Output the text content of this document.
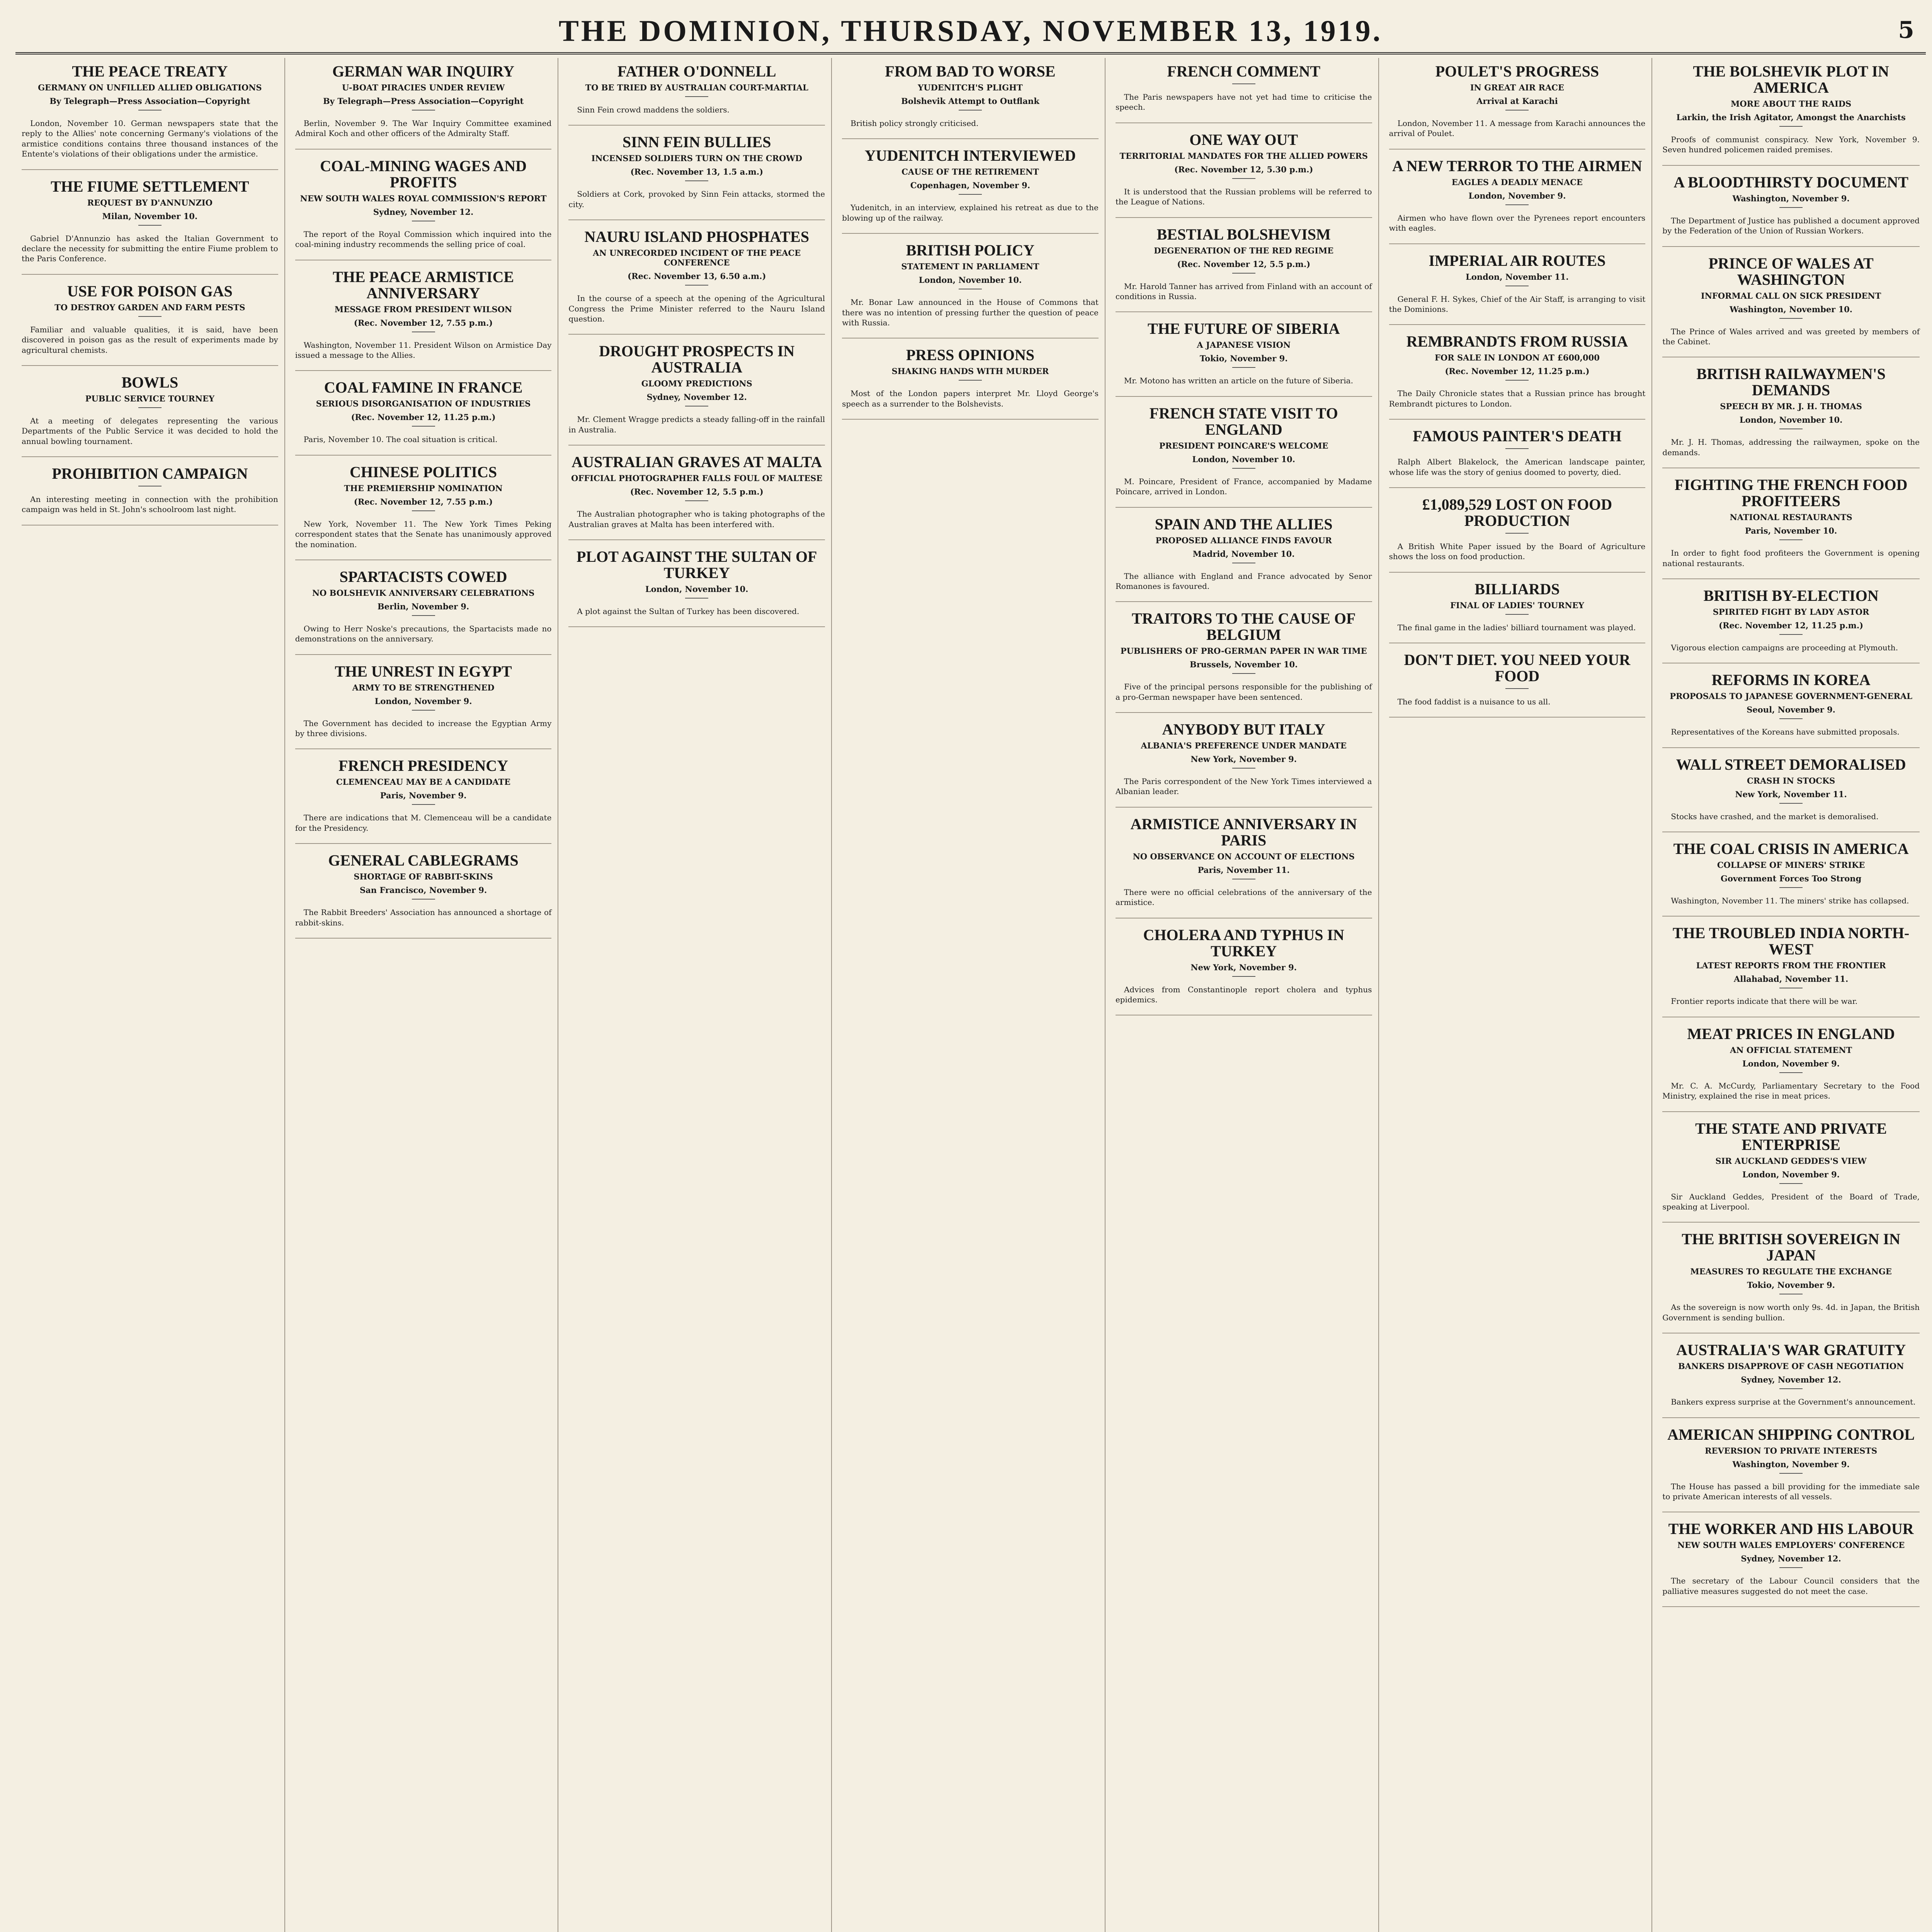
THE DOMINION, THURSDAY, NOVEMBER 13, 1919.	5
THE PEACE TREATY
GERMANY ON UNFILLED ALLIED OBLIGATIONS
By Telegraph—Press Association—Copyright

London, November 10. German newspapers state that the reply to the Allies' note concerning Germany's violations of the armistice conditions contains three thousand instances of the Entente's violations of their obligations under the armistice.

THE FIUME SETTLEMENT
REQUEST BY D'ANNUNZIO
Milan, November 10.

Gabriel D'Annunzio has asked the Italian Government to declare the necessity for submitting the entire Fiume problem to the Paris Conference.

USE FOR POISON GAS
TO DESTROY GARDEN AND FARM PESTS

Familiar and valuable qualities, it is said, have been discovered in poison gas as the result of experiments made by agricultural chemists.

BOWLS
PUBLIC SERVICE TOURNEY

At a meeting of delegates representing the various Departments of the Public Service it was decided to hold the annual bowling tournament.

PROHIBITION CAMPAIGN

An interesting meeting in connection with the prohibition campaign was held in St. John's schoolroom last night.

GERMAN WAR INQUIRY
U-BOAT PIRACIES UNDER REVIEW
By Telegraph—Press Association—Copyright

Berlin, November 9. The War Inquiry Committee examined Admiral Koch and other officers of the Admiralty Staff.

COAL-MINING WAGES AND PROFITS
NEW SOUTH WALES ROYAL COMMISSION'S REPORT
Sydney, November 12.

The report of the Royal Commission which inquired into the coal-mining industry recommends the selling price of coal.

THE PEACE ARMISTICE ANNIVERSARY
MESSAGE FROM PRESIDENT WILSON
(Rec. November 12, 7.55 p.m.)

Washington, November 11. President Wilson on Armistice Day issued a message to the Allies.

COAL FAMINE IN FRANCE
SERIOUS DISORGANISATION OF INDUSTRIES
(Rec. November 12, 11.25 p.m.)

Paris, November 10. The coal situation is critical.

CHINESE POLITICS
THE PREMIERSHIP NOMINATION
(Rec. November 12, 7.55 p.m.)

New York, November 11. The New York Times Peking correspondent states that the Senate has unanimously approved the nomination.

SPARTACISTS COWED
NO BOLSHEVIK ANNIVERSARY CELEBRATIONS
Berlin, November 9.

Owing to Herr Noske's precautions, the Spartacists made no demonstrations on the anniversary.

THE UNREST IN EGYPT
ARMY TO BE STRENGTHENED
London, November 9.

The Government has decided to increase the Egyptian Army by three divisions.

FRENCH PRESIDENCY
CLEMENCEAU MAY BE A CANDIDATE
Paris, November 9.

There are indications that M. Clemenceau will be a candidate for the Presidency.

GENERAL CABLEGRAMS
SHORTAGE OF RABBIT-SKINS
San Francisco, November 9.

The Rabbit Breeders' Association has announced a shortage of rabbit-skins.

FATHER O'DONNELL
TO BE TRIED BY AUSTRALIAN COURT-MARTIAL

Sinn Fein crowd maddens the soldiers.

SINN FEIN BULLIES
INCENSED SOLDIERS TURN ON THE CROWD
(Rec. November 13, 1.5 a.m.)

Soldiers at Cork, provoked by Sinn Fein attacks, stormed the city.

NAURU ISLAND PHOSPHATES
AN UNRECORDED INCIDENT OF THE PEACE CONFERENCE
(Rec. November 13, 6.50 a.m.)

In the course of a speech at the opening of the Agricultural Congress the Prime Minister referred to the Nauru Island question.

DROUGHT PROSPECTS IN AUSTRALIA
GLOOMY PREDICTIONS
Sydney, November 12.

Mr. Clement Wragge predicts a steady falling-off in the rainfall in Australia.

AUSTRALIAN GRAVES AT MALTA
OFFICIAL PHOTOGRAPHER FALLS FOUL OF MALTESE
(Rec. November 12, 5.5 p.m.)

The Australian photographer who is taking photographs of the Australian graves at Malta has been interfered with.

PLOT AGAINST THE SULTAN OF TURKEY
London, November 10.

A plot against the Sultan of Turkey has been discovered.

FROM BAD TO WORSE
YUDENITCH'S PLIGHT
Bolshevik Attempt to Outflank

British policy strongly criticised.

YUDENITCH INTERVIEWED
CAUSE OF THE RETIREMENT
Copenhagen, November 9.

Yudenitch, in an interview, explained his retreat as due to the blowing up of the railway.

BRITISH POLICY
STATEMENT IN PARLIAMENT
London, November 10.

Mr. Bonar Law announced in the House of Commons that there was no intention of pressing further the question of peace with Russia.

PRESS OPINIONS
SHAKING HANDS WITH MURDER

Most of the London papers interpret Mr. Lloyd George's speech as a surrender to the Bolshevists.

FRENCH COMMENT

The Paris newspapers have not yet had time to criticise the speech.

ONE WAY OUT
TERRITORIAL MANDATES FOR THE ALLIED POWERS
(Rec. November 12, 5.30 p.m.)

It is understood that the Russian problems will be referred to the League of Nations.

BESTIAL BOLSHEVISM
DEGENERATION OF THE RED REGIME
(Rec. November 12, 5.5 p.m.)

Mr. Harold Tanner has arrived from Finland with an account of conditions in Russia.

THE FUTURE OF SIBERIA
A JAPANESE VISION
Tokio, November 9.

Mr. Motono has written an article on the future of Siberia.

FRENCH STATE VISIT TO ENGLAND
PRESIDENT POINCARE'S WELCOME
London, November 10.

M. Poincare, President of France, accompanied by Madame Poincare, arrived in London.

SPAIN AND THE ALLIES
PROPOSED ALLIANCE FINDS FAVOUR
Madrid, November 10.

The alliance with England and France advocated by Senor Romanones is favoured.

TRAITORS TO THE CAUSE OF BELGIUM
PUBLISHERS OF PRO-GERMAN PAPER IN WAR TIME
Brussels, November 10.

Five of the principal persons responsible for the publishing of a pro-German newspaper have been sentenced.

ANYBODY BUT ITALY
ALBANIA'S PREFERENCE UNDER MANDATE
New York, November 9.

The Paris correspondent of the New York Times interviewed a Albanian leader.

ARMISTICE ANNIVERSARY IN PARIS
NO OBSERVANCE ON ACCOUNT OF ELECTIONS
Paris, November 11.

There were no official celebrations of the anniversary of the armistice.

CHOLERA AND TYPHUS IN TURKEY
New York, November 9.

Advices from Constantinople report cholera and typhus epidemics.

POULET'S PROGRESS
IN GREAT AIR RACE
Arrival at Karachi

London, November 11. A message from Karachi announces the arrival of Poulet.

A NEW TERROR TO THE AIRMEN
EAGLES A DEADLY MENACE
London, November 9.

Airmen who have flown over the Pyrenees report encounters with eagles.

IMPERIAL AIR ROUTES
London, November 11.

General F. H. Sykes, Chief of the Air Staff, is arranging to visit the Dominions.

REMBRANDTS FROM RUSSIA
FOR SALE IN LONDON AT £600,000
(Rec. November 12, 11.25 p.m.)

The Daily Chronicle states that a Russian prince has brought Rembrandt pictures to London.

FAMOUS PAINTER'S DEATH

Ralph Albert Blakelock, the American landscape painter, whose life was the story of genius doomed to poverty, died.

£1,089,529 LOST ON FOOD PRODUCTION

A British White Paper issued by the Board of Agriculture shows the loss on food production.

BILLIARDS
FINAL OF LADIES' TOURNEY

The final game in the ladies' billiard tournament was played.

DON'T DIET. YOU NEED YOUR FOOD

The food faddist is a nuisance to us all.

THE BOLSHEVIK PLOT IN AMERICA
MORE ABOUT THE RAIDS
Larkin, the Irish Agitator, Amongst the Anarchists

Proofs of communist conspiracy. New York, November 9. Seven hundred policemen raided premises.

A BLOODTHIRSTY DOCUMENT
Washington, November 9.

The Department of Justice has published a document approved by the Federation of the Union of Russian Workers.

PRINCE OF WALES AT WASHINGTON
INFORMAL CALL ON SICK PRESIDENT
Washington, November 10.

The Prince of Wales arrived and was greeted by members of the Cabinet.

BRITISH RAILWAYMEN'S DEMANDS
SPEECH BY MR. J. H. THOMAS
London, November 10.

Mr. J. H. Thomas, addressing the railwaymen, spoke on the demands.

FIGHTING THE FRENCH FOOD PROFITEERS
NATIONAL RESTAURANTS
Paris, November 10.

In order to fight food profiteers the Government is opening national restaurants.

BRITISH BY-ELECTION
SPIRITED FIGHT BY LADY ASTOR
(Rec. November 12, 11.25 p.m.)

Vigorous election campaigns are proceeding at Plymouth.

REFORMS IN KOREA
PROPOSALS TO JAPANESE GOVERNMENT-GENERAL
Seoul, November 9.

Representatives of the Koreans have submitted proposals.

WALL STREET DEMORALISED
CRASH IN STOCKS
New York, November 11.

Stocks have crashed, and the market is demoralised.

THE COAL CRISIS IN AMERICA
COLLAPSE OF MINERS' STRIKE
Government Forces Too Strong

Washington, November 11. The miners' strike has collapsed.

THE TROUBLED INDIA NORTH-WEST
LATEST REPORTS FROM THE FRONTIER
Allahabad, November 11.

Frontier reports indicate that there will be war.

MEAT PRICES IN ENGLAND
AN OFFICIAL STATEMENT
London, November 9.

Mr. C. A. McCurdy, Parliamentary Secretary to the Food Ministry, explained the rise in meat prices.

THE STATE AND PRIVATE ENTERPRISE
SIR AUCKLAND GEDDES'S VIEW
London, November 9.

Sir Auckland Geddes, President of the Board of Trade, speaking at Liverpool.

THE BRITISH SOVEREIGN IN JAPAN
MEASURES TO REGULATE THE EXCHANGE
Tokio, November 9.

As the sovereign is now worth only 9s. 4d. in Japan, the British Government is sending bullion.

AUSTRALIA'S WAR GRATUITY
BANKERS DISAPPROVE OF CASH NEGOTIATION
Sydney, November 12.

Bankers express surprise at the Government's announcement.

AMERICAN SHIPPING CONTROL
REVERSION TO PRIVATE INTERESTS
Washington, November 9.

The House has passed a bill providing for the immediate sale to private American interests of all vessels.

THE WORKER AND HIS LABOUR
NEW SOUTH WALES EMPLOYERS' CONFERENCE
Sydney, November 12.

The secretary of the Labour Council considers that the palliative measures suggested do not meet the case.
